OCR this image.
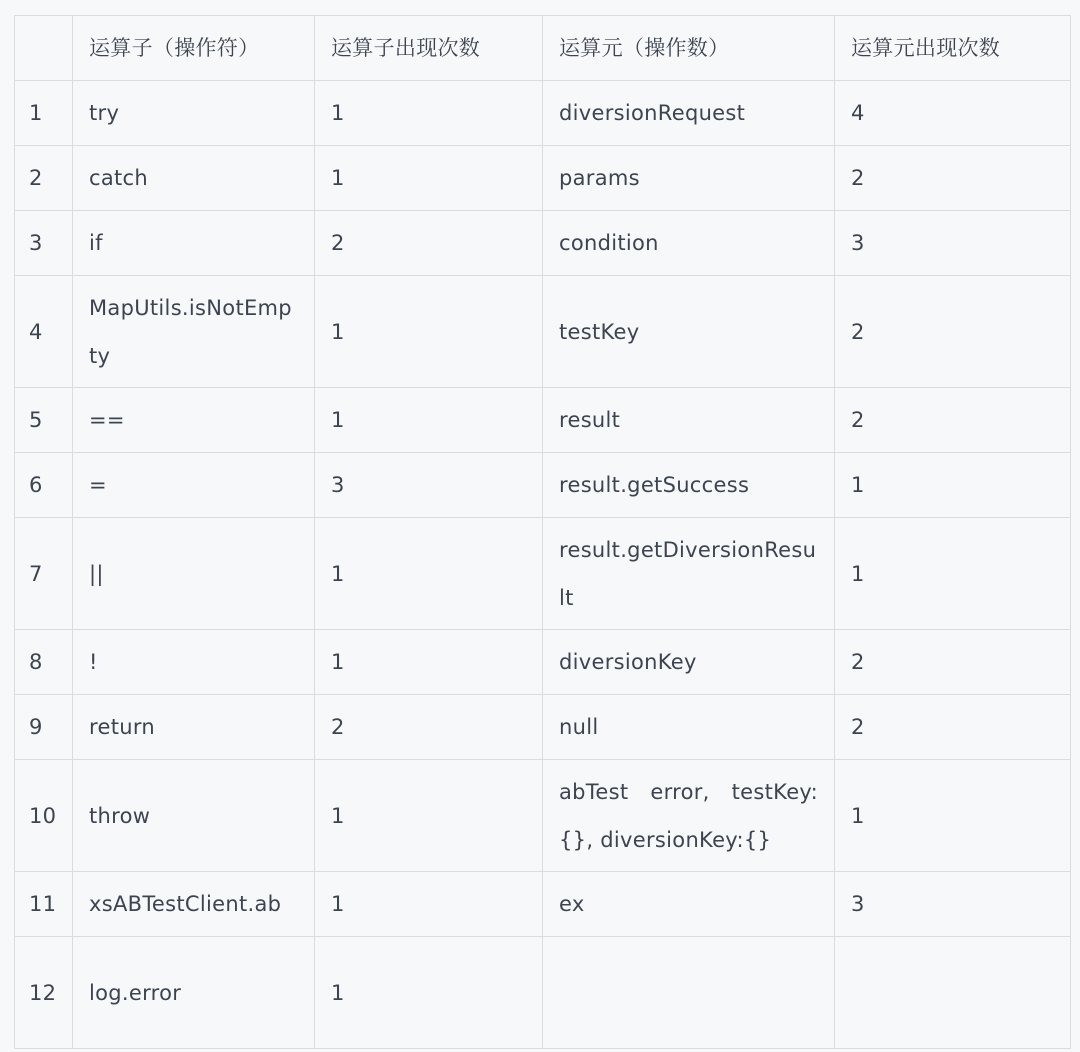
	运算子（操作符）	运算子出现次数	运算元（操作数）	运算元出现次数
1	try	1	diversionRequest	4
2	catch	1	params	2
3	if	2	condition	3
4	MapUtils.isNotEmpty	1	testKey	2
5	==	1	result	2
6	=	3	result.getSuccess	1
7	||	1	result.getDiversionResult	1
8	!	1	diversionKey	2
9	return	2	null	2
10	throw	1	abTest error, testKey:{}, diversionKey:{}	1
11	xsABTestClient.ab	1	ex	3
12	log.error	1		
